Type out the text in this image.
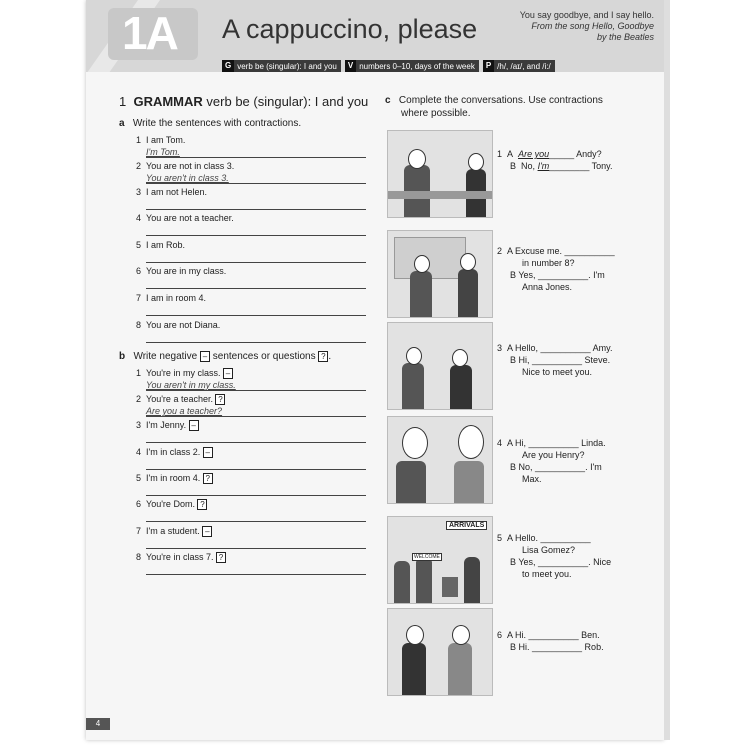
1A A cappuccino, please	You say goodbye, and I say hello.
From the song Hello, Goodbye
by the Beatles
G verb be (singular): I and you	V numbers 0–10, days of the week	P /h/, /aɪ/, and /i:/
1 GRAMMAR verb be (singular): I and you
a Write the sentences with contractions.
1 I am Tom.
I'm Tom.
2 You are not in class 3.
You aren't in class 3.
3 I am not Helen.
4 You are not a teacher.
5 I am Rob.
6 You are in my class.
7 I am in room 4.
8 You are not Diana.
b Write negative – sentences or questions ? .
1 You're in my class. –
You aren't in my class.
2 You're a teacher. ?
Are you a teacher?
3 I'm Jenny. –
4 I'm in class 2. –
5 I'm in room 4. ?
6 You're Dom. ?
7 I'm a student. –
8 You're in class 7. ?
c Complete the conversations. Use contractions
where possible.
ARRIVALS
WELCOME
1 A Are you_____ Andy?
B No, I'm________ Tony.
2 A Excuse me. __________
in number 8?
B Yes, __________. I'm
Anna Jones.
3 A Hello, __________ Amy.
B Hi, __________ Steve.
Nice to meet you.
4 A Hi, __________ Linda.
Are you Henry?
B No, __________. I'm
Max.
5 A Hello. __________
Lisa Gomez?
B Yes, __________. Nice
to meet you.
6 A Hi. __________ Ben.
B Hi. __________ Rob.
4
